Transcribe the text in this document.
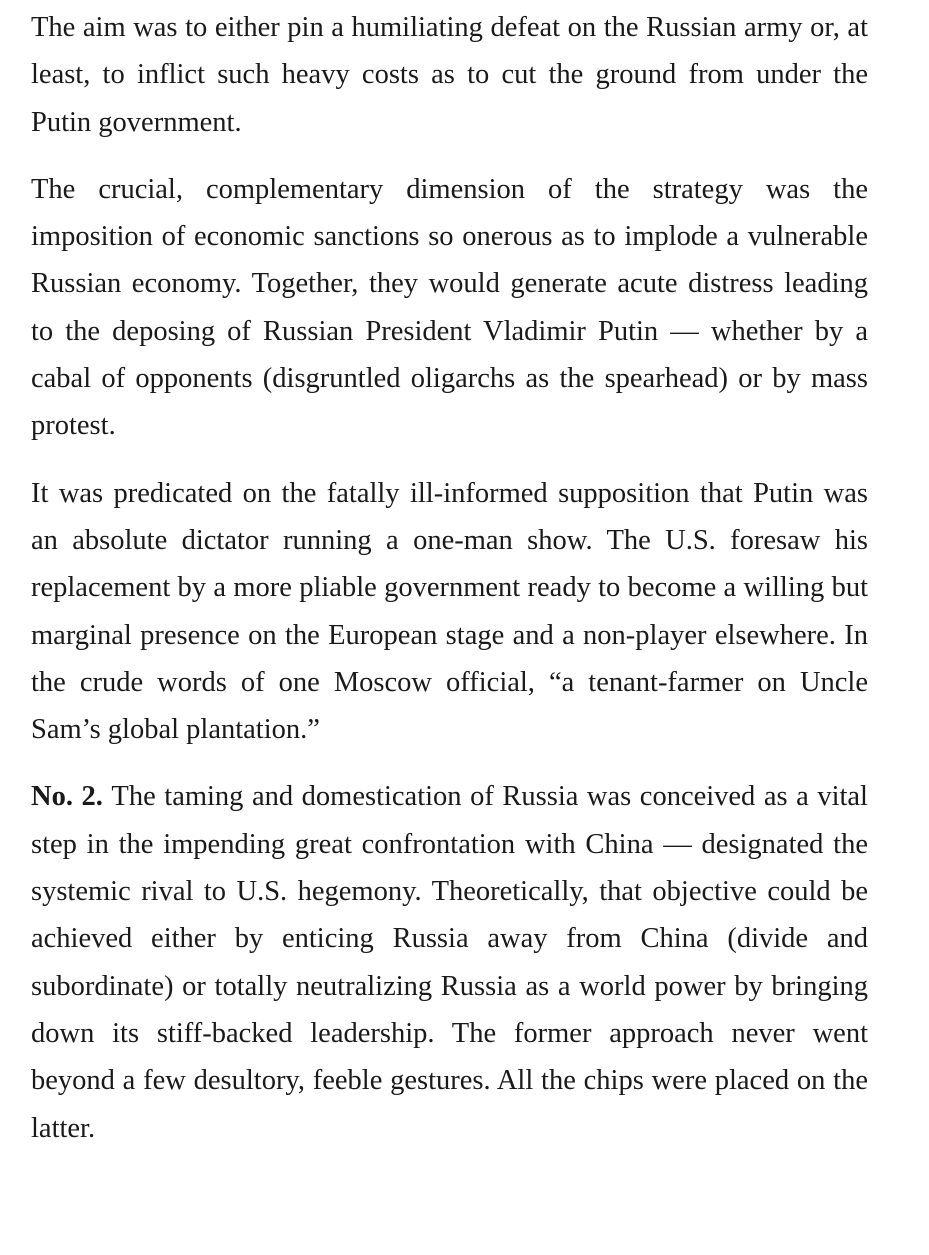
The aim was to either pin a humiliating defeat on the Russian army or, at least, to inflict such heavy costs as to cut the ground from under the Putin government.

The crucial, complementary dimension of the strategy was the imposition of economic sanctions so onerous as to implode a vulnerable Russian economy. Together, they would generate acute distress leading to the deposing of Russian President Vladimir Putin — whether by a cabal of opponents (disgruntled oligarchs as the spearhead) or by mass protest.

It was predicated on the fatally ill-informed supposition that Putin was an absolute dictator running a one-man show. The U.S. foresaw his replacement by a more pliable government ready to become a willing but marginal presence on the European stage and a non-player elsewhere. In the crude words of one Moscow official, “a tenant-farmer on Uncle Sam’s global plantation.”

No. 2. The taming and domestication of Russia was conceived as a vital step in the impending great confrontation with China — designated the systemic rival to U.S. hegemony. Theoretically, that objective could be achieved either by enticing Russia away from China (divide and subordinate) or totally neutralizing Russia as a world power by bringing down its stiff-backed leadership. The former approach never went beyond a few desultory, feeble gestures. All the chips were placed on the latter.
